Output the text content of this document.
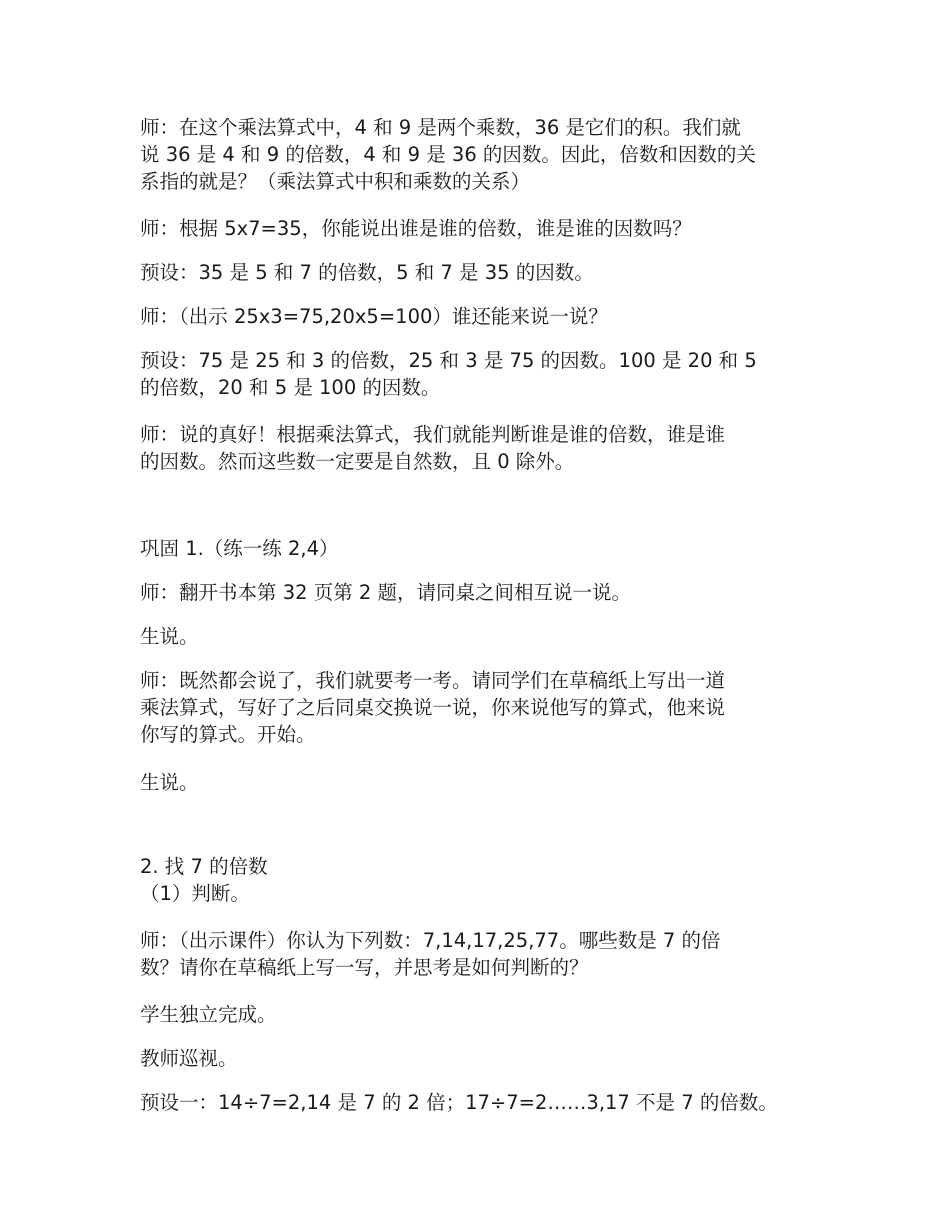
师：在这个乘法算式中，4 和 9 是两个乘数，36 是它们的积。我们就
说 36 是 4 和 9 的倍数，4 和 9 是 36 的因数。因此，倍数和因数的关
系指的就是？（乘法算式中积和乘数的关系）
师：根据 5x7=35，你能说出谁是谁的倍数，谁是谁的因数吗？
预设：35 是 5 和 7 的倍数，5 和 7 是 35 的因数。
师：（出示 25x3=75,20x5=100）谁还能来说一说？
预设：75 是 25 和 3 的倍数，25 和 3 是 75 的因数。100 是 20 和 5
的倍数，20 和 5 是 100 的因数。
师：说的真好！根据乘法算式，我们就能判断谁是谁的倍数，谁是谁
的因数。然而这些数一定要是自然数，且 0 除外。
巩固 1.（练一练 2,4）
师：翻开书本第 32 页第 2 题，请同桌之间相互说一说。
生说。
师：既然都会说了，我们就要考一考。请同学们在草稿纸上写出一道
乘法算式，写好了之后同桌交换说一说，你来说他写的算式，他来说
你写的算式。开始。
生说。
2. 找 7 的倍数
（1）判断。
师：（出示课件）你认为下列数：7,14,17,25,77。哪些数是 7 的倍
数？请你在草稿纸上写一写，并思考是如何判断的？
学生独立完成。
教师巡视。
预设一：14÷7=2,14 是 7 的 2 倍；17÷7=2……3,17 不是 7 的倍数。
